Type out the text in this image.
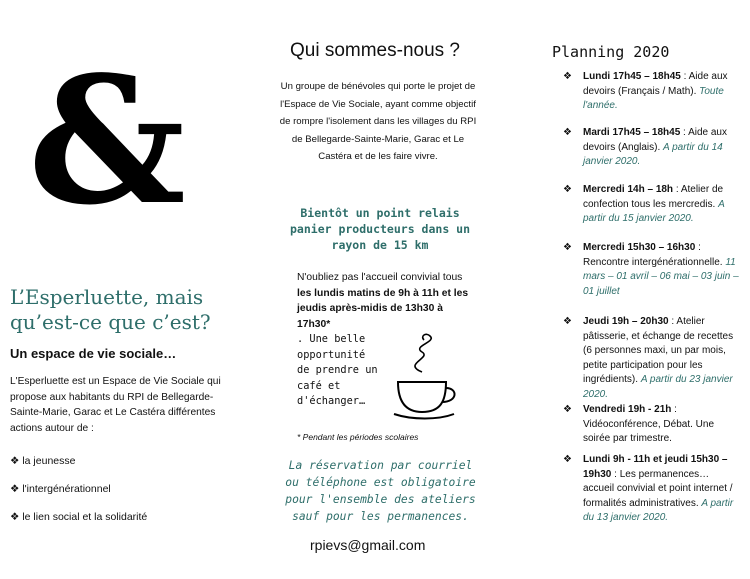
&
L’Esperluette, mais qu’est-ce que c’est?
Un espace de vie sociale…
L'Esperluette est un Espace de Vie Sociale qui propose aux habitants du RPI de Bellegarde-Sainte-Marie, Garac et Le Castéra différentes actions autour de :
❖ la jeunesse
❖ l'intergénérationnel
❖ le lien social et la solidarité
Qui sommes-nous ?
Un groupe de bénévoles qui porte le projet de l'Espace de Vie Sociale, ayant comme objectif de rompre l'isolement dans les villages du RPI de Bellegarde-Sainte-Marie, Garac et Le Castéra et de les faire vivre.
Bientôt un point relais panier producteurs dans un rayon de 15 km
N'oubliez pas l'accueil convivial tous les lundis matins de 9h à 11h et les jeudis après-midis de 13h30 à 17h30*
. Une belle opportunité de prendre un café et d'échanger…
* Pendant les périodes scolaires
La réservation par courriel ou téléphone est obligatoire pour l'ensemble des ateliers sauf pour les permanences.
rpievs@gmail.com
Planning 2020
❖ Lundi 17h45 – 18h45 : Aide aux devoirs (Français / Math). Toute l'année.
❖ Mardi 17h45 – 18h45 : Aide aux devoirs (Anglais). A partir du 14 janvier 2020.
❖ Mercredi 14h – 18h : Atelier de confection tous les mercredis. A partir du 15 janvier 2020.
❖ Mercredi 15h30 – 16h30 : Rencontre intergénérationnelle. 11 mars – 01 avril – 06 mai – 03 juin – 01 juillet
❖ Jeudi 19h – 20h30 : Atelier pâtisserie, et échange de recettes (6 personnes maxi, un par mois, petite participation pour les ingrédients). A partir du 23 janvier 2020.
❖ Vendredi 19h - 21h : Vidéoconférence, Débat. Une soirée par trimestre.
❖ Lundi 9h - 11h et jeudi 15h30 – 19h30 : Les permanences… accueil convivial et point internet / formalités administratives. A partir du 13 janvier 2020.
